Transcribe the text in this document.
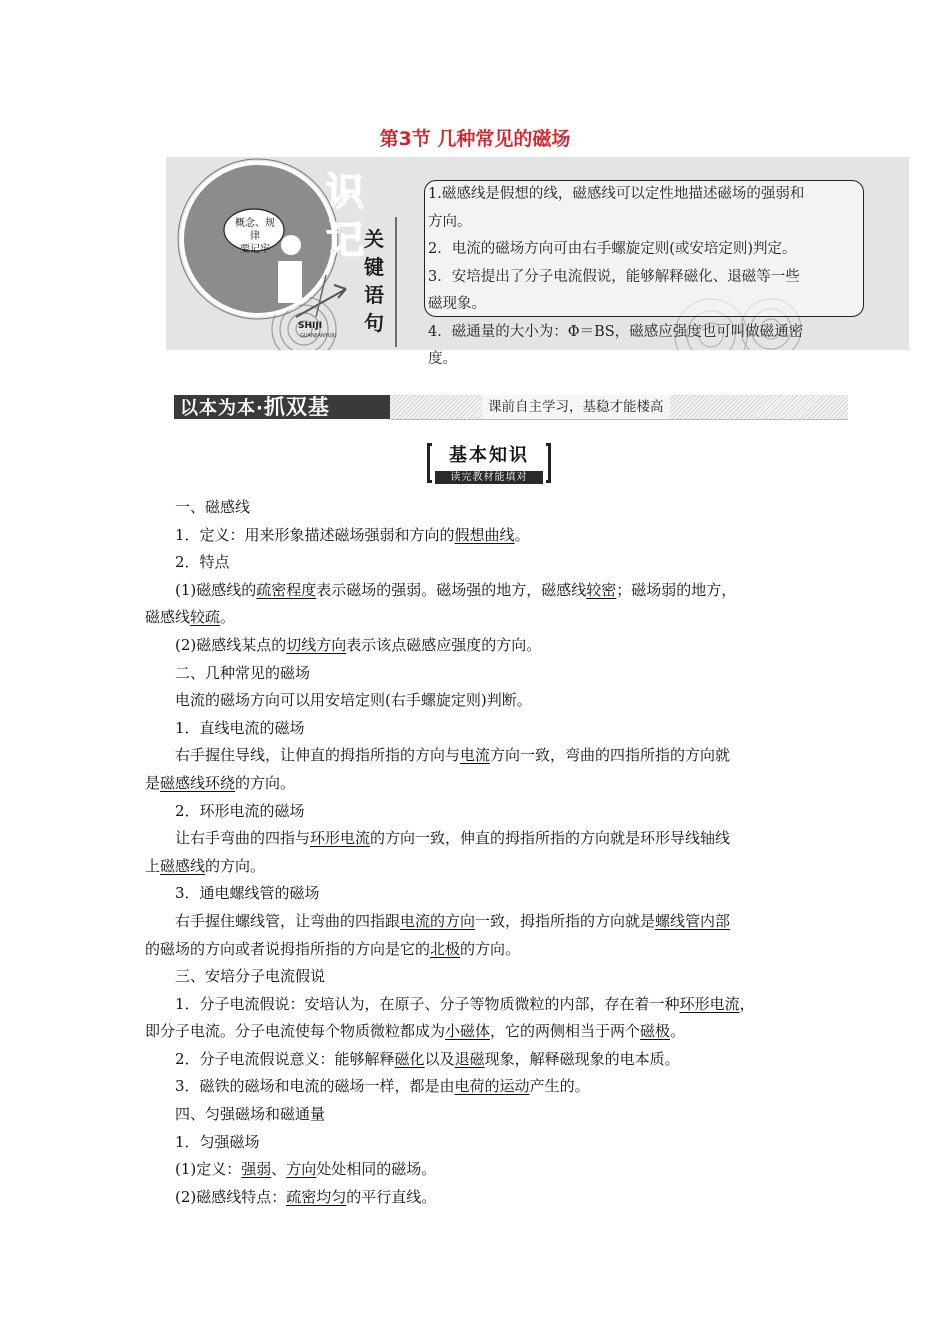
第3节 几种常见的磁场
概念、规律
要记牢
识
记 关
键
语
句
SHIJI
GUANJIANYUJU

1.磁感线是假想的线，磁感线可以定性地描述磁场的强弱和

方向。

2．电流的磁场方向可由右手螺旋定则(或安培定则)判定。

3．安培提出了分子电流假说，能够解释磁化、退磁等一些

磁现象。

4．磁通量的大小为：Φ＝BS，磁感应强度也可叫做磁通密

度。

以本为本·抓双基	课前自主学习，基稳才能楼高
基本知识
读完教材能填对

一、磁感线

1．定义：用来形象描述磁场强弱和方向的假想曲线。

2．特点

(1)磁感线的疏密程度表示磁场的强弱。磁场强的地方，磁感线较密；磁场弱的地方，

磁感线较疏。

(2)磁感线某点的切线方向表示该点磁感应强度的方向。

二、几种常见的磁场

电流的磁场方向可以用安培定则(右手螺旋定则)判断。

1．直线电流的磁场

右手握住导线，让伸直的拇指所指的方向与电流方向一致，弯曲的四指所指的方向就

是磁感线环绕的方向。

2．环形电流的磁场

让右手弯曲的四指与环形电流的方向一致，伸直的拇指所指的方向就是环形导线轴线

上磁感线的方向。

3．通电螺线管的磁场

右手握住螺线管，让弯曲的四指跟电流的方向一致，拇指所指的方向就是螺线管内部

的磁场的方向或者说拇指所指的方向是它的北极的方向。

三、安培分子电流假说

1．分子电流假说：安培认为，在原子、分子等物质微粒的内部，存在着一种环形电流，

即分子电流。分子电流使每个物质微粒都成为小磁体，它的两侧相当于两个磁极。

2．分子电流假说意义：能够解释磁化以及退磁现象，解释磁现象的电本质。

3．磁铁的磁场和电流的磁场一样，都是由电荷的运动产生的。

四、匀强磁场和磁通量

1．匀强磁场

(1)定义：强弱、方向处处相同的磁场。

(2)磁感线特点：疏密均匀的平行直线。
